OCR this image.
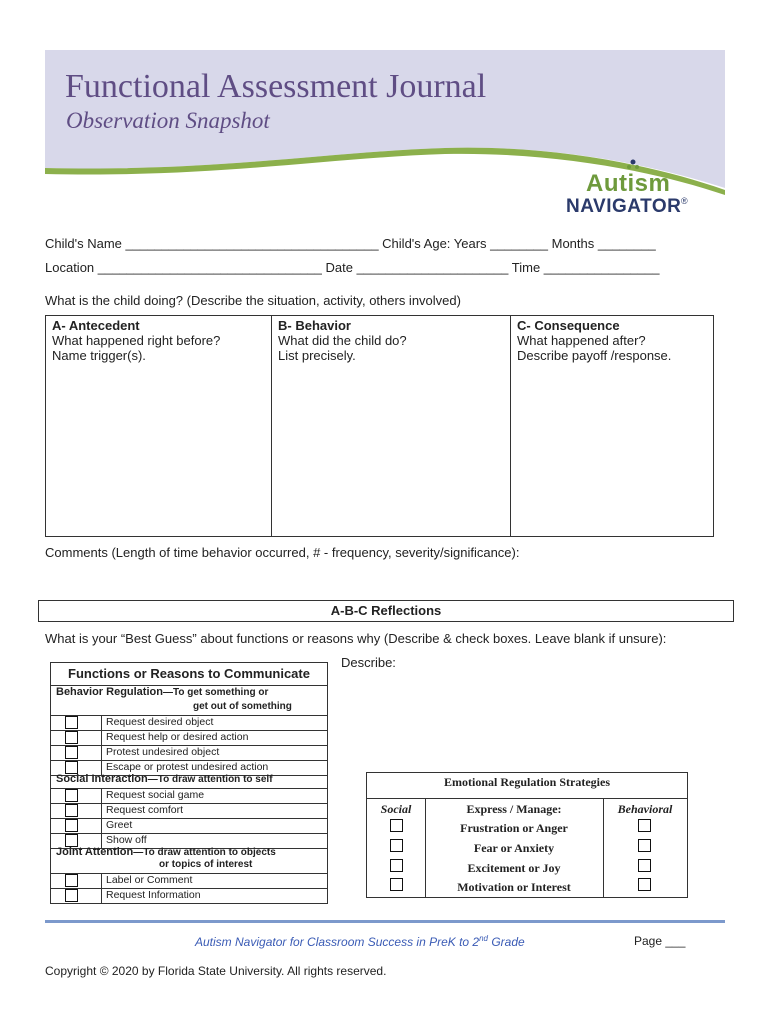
Functional Assessment Journal
Observation Snapshot
Autism
NAVIGATOR ®
Child's Name ___________________________________ Child's Age: Years ________ Months ________
Location _______________________________ Date _____________________ Time ________________
What is the child doing? (Describe the situation, activity, others involved)
A- Antecedent
What happened right before?
Name trigger(s).

B- Behavior
What did the child do?
List precisely.

C- Consequence
What happened after?
Describe payoff /response.
Comments (Length of time behavior occurred, # - frequency, severity/significance):
A-B-C Reflections
What is your “Best Guess” about functions or reasons why (Describe & check boxes. Leave blank if unsure):
Describe:
Functions or Reasons to Communicate
Behavior Regulation—To get something or
get out of something
Request desired object
Request help or desired action
Protest undesired object
Escape or protest undesired action
Social Interaction—To draw attention to self
Request social game
Request comfort
Greet
Show off
Joint Attention—To draw attention to objects
or topics of interest
Label or Comment
Request Information
Emotional Regulation Strategies
Social	Express / Manage:	Behavioral
Frustration or Anger
Fear or Anxiety
Excitement or Joy
Motivation or Interest
Autism Navigator for Classroom Success in PreK to 2nd Grade	Page ___
Copyright © 2020 by Florida State University. All rights reserved.
